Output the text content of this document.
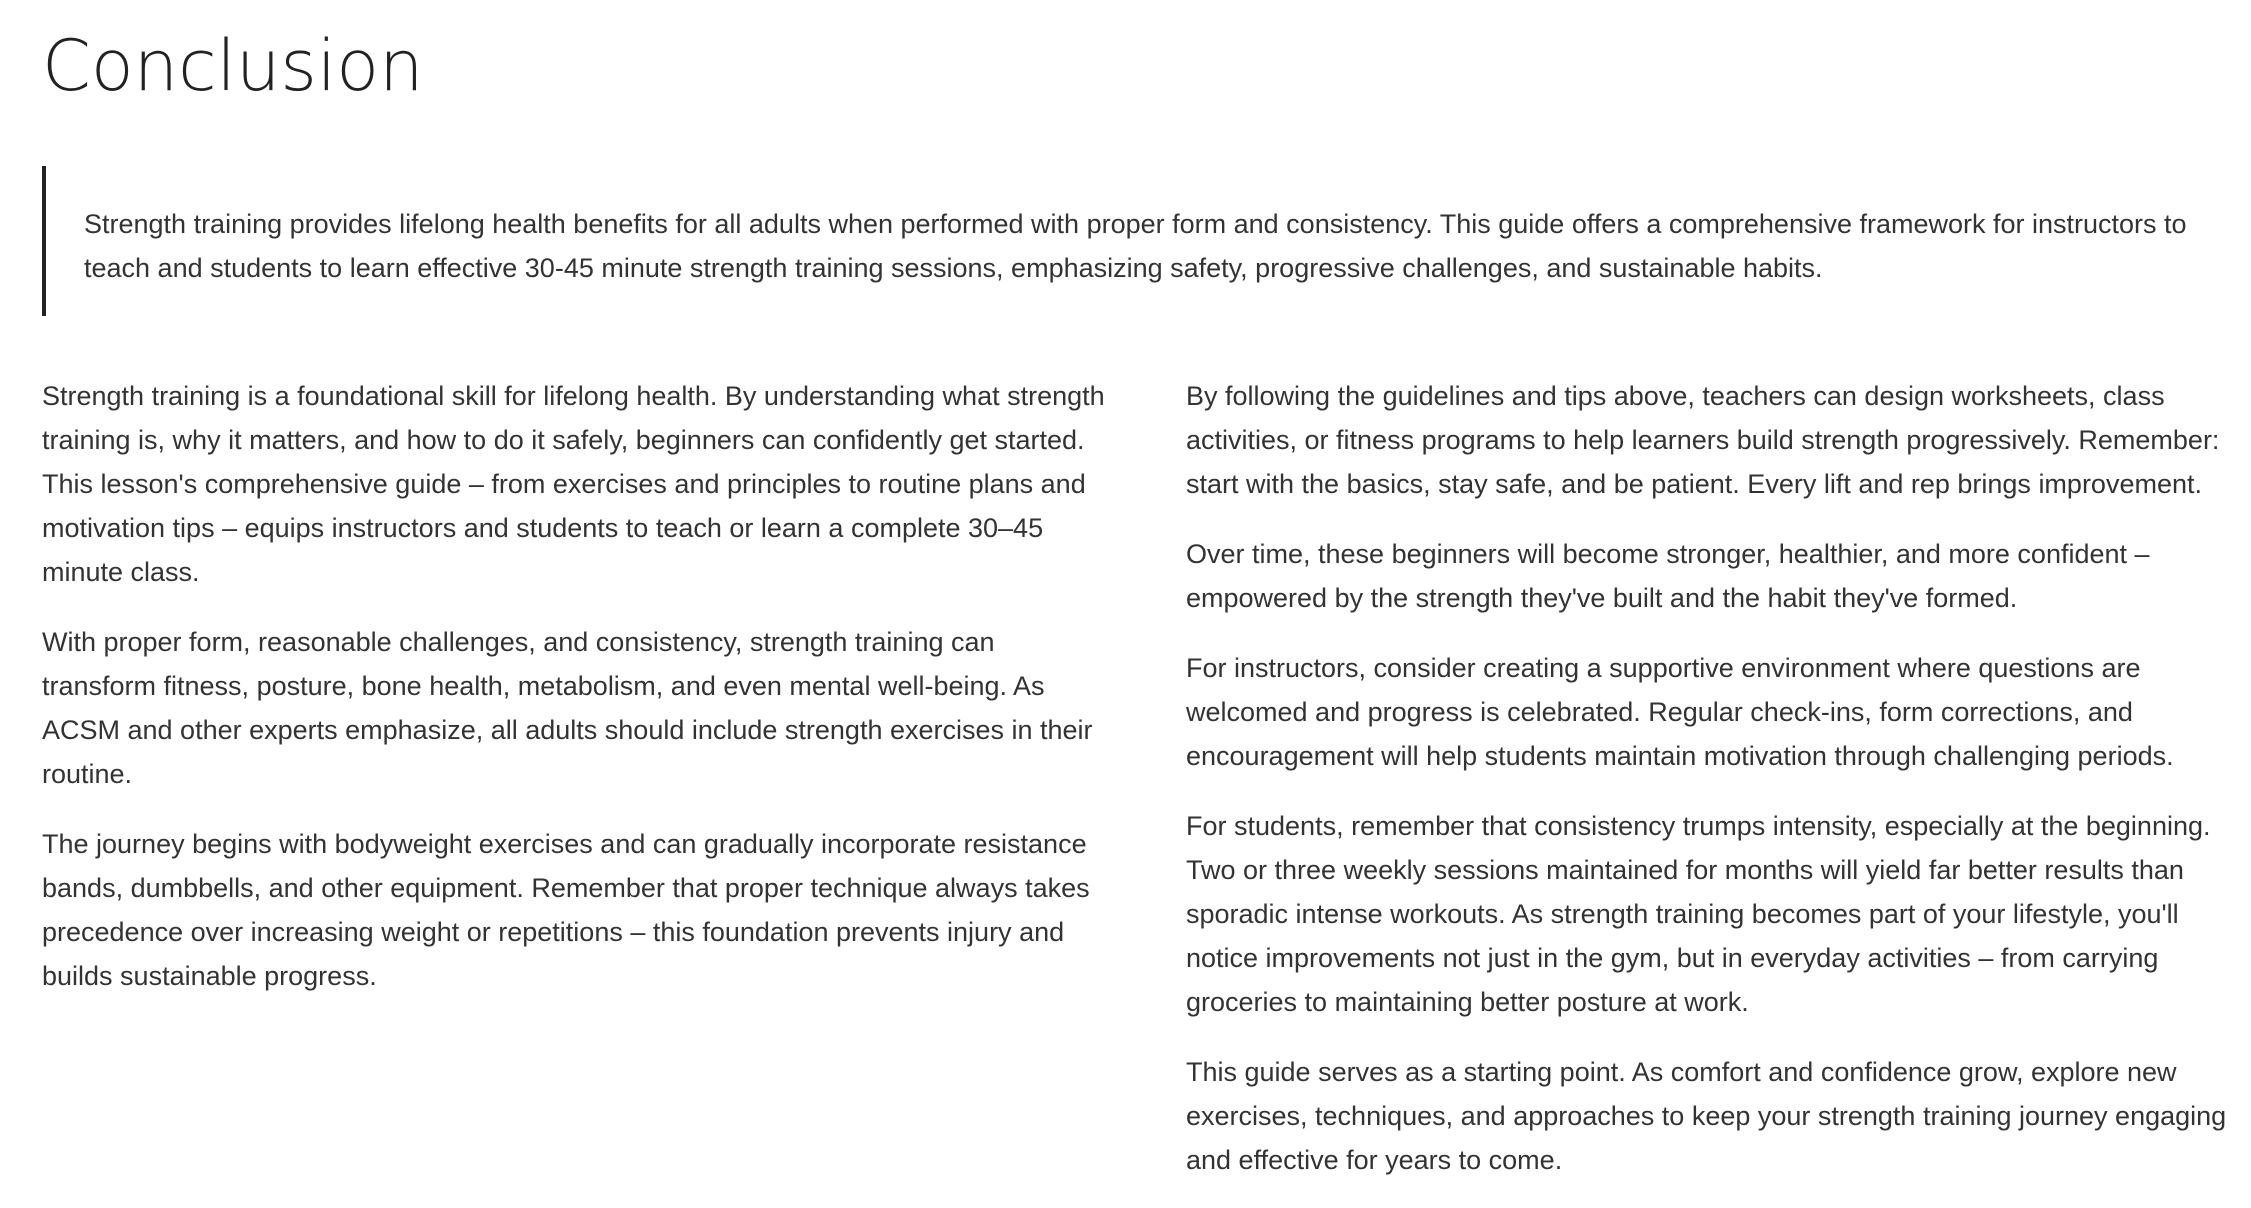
Conclusion

Strength training provides lifelong health benefits for all adults when performed with proper form and consistency. This guide offers a comprehensive framework for instructors to teach and students to learn effective 30-45 minute strength training sessions, emphasizing safety, progressive challenges, and sustainable habits.

Strength training is a foundational skill for lifelong health. By understanding what strength training is, why it matters, and how to do it safely, beginners can confidently get started. This lesson's comprehensive guide – from exercises and principles to routine plans and motivation tips – equips instructors and students to teach or learn a complete 30–45 minute class.

With proper form, reasonable challenges, and consistency, strength training can transform fitness, posture, bone health, metabolism, and even mental well-being. As ACSM and other experts emphasize, all adults should include strength exercises in their routine.

The journey begins with bodyweight exercises and can gradually incorporate resistance bands, dumbbells, and other equipment. Remember that proper technique always takes precedence over increasing weight or repetitions – this foundation prevents injury and builds sustainable progress.

By following the guidelines and tips above, teachers can design worksheets, class activities, or fitness programs to help learners build strength progressively. Remember: start with the basics, stay safe, and be patient. Every lift and rep brings improvement.

Over time, these beginners will become stronger, healthier, and more confident – empowered by the strength they've built and the habit they've formed.

For instructors, consider creating a supportive environment where questions are welcomed and progress is celebrated. Regular check-ins, form corrections, and encouragement will help students maintain motivation through challenging periods.

For students, remember that consistency trumps intensity, especially at the beginning. Two or three weekly sessions maintained for months will yield far better results than sporadic intense workouts. As strength training becomes part of your lifestyle, you'll notice improvements not just in the gym, but in everyday activities – from carrying groceries to maintaining better posture at work.

This guide serves as a starting point. As comfort and confidence grow, explore new exercises, techniques, and approaches to keep your strength training journey engaging and effective for years to come.
